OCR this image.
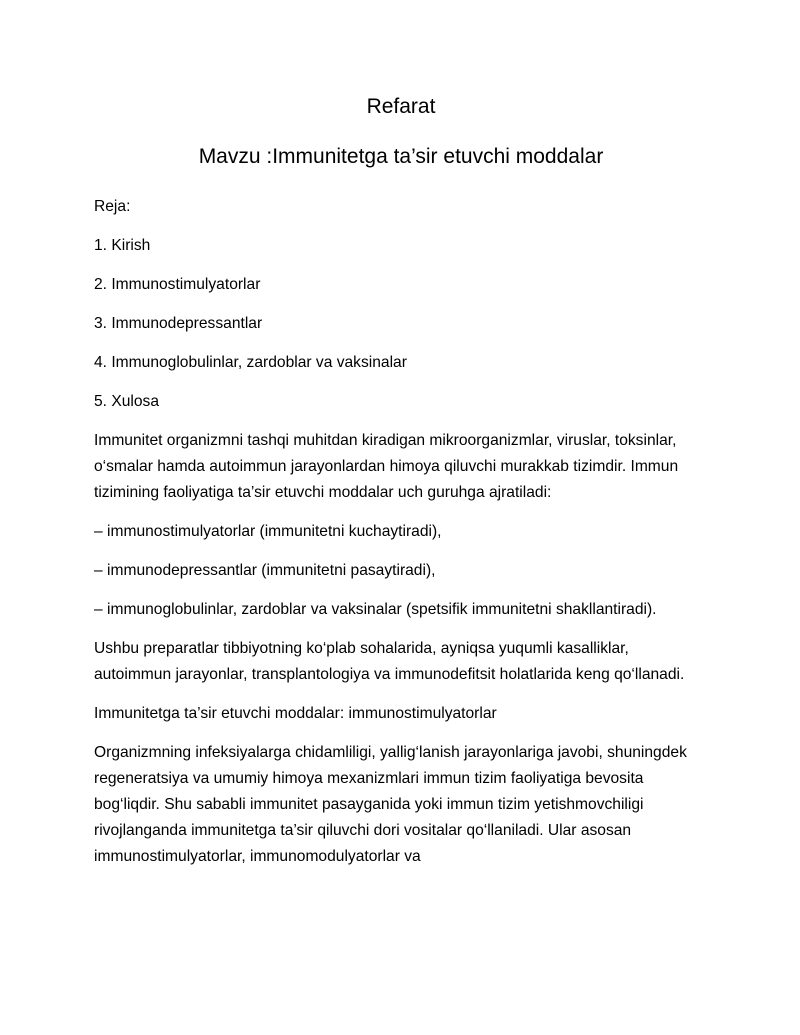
Refarat
Mavzu :Immunitetga ta’sir etuvchi moddalar

Reja:

1. Kirish

2. Immunostimulyatorlar

3. Immunodepressantlar

4. Immunoglobulinlar, zardoblar va vaksinalar

5. Xulosa

Immunitet organizmni tashqi muhitdan kiradigan mikroorganizmlar, viruslar, toksinlar, o‘smalar hamda autoimmun jarayonlardan himoya qiluvchi murakkab tizimdir. Immun tizimining faoliyatiga ta’sir etuvchi moddalar uch guruhga ajratiladi:

– immunostimulyatorlar (immunitetni kuchaytiradi),

– immunodepressantlar (immunitetni pasaytiradi),

– immunoglobulinlar, zardoblar va vaksinalar (spetsifik immunitetni shakllantiradi).

Ushbu preparatlar tibbiyotning ko‘plab sohalarida, ayniqsa yuqumli kasalliklar, autoimmun jarayonlar, transplantologiya va immunodefitsit holatlarida keng qo‘llanadi.

Immunitetga ta’sir etuvchi moddalar: immunostimulyatorlar

Organizmning infeksiyalarga chidamliligi, yallig‘lanish jarayonlariga javobi, shuningdek regeneratsiya va umumiy himoya mexanizmlari immun tizim faoliyatiga bevosita bog‘liqdir. Shu sababli immunitet pasayganida yoki immun tizim yetishmovchiligi rivojlanganda immunitetga ta’sir qiluvchi dori vositalar qo‘llaniladi. Ular asosan immunostimulyatorlar, immunomodulyatorlar va
